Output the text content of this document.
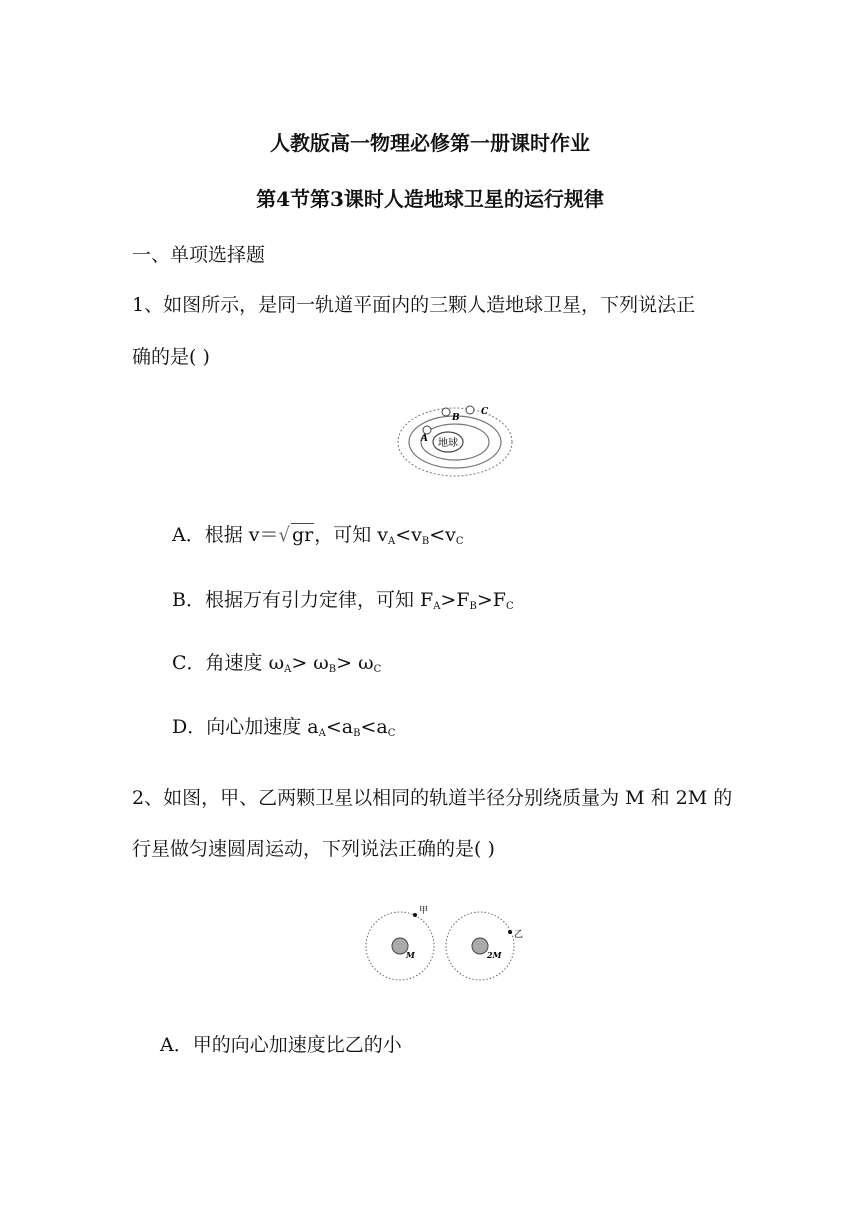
人教版高一物理必修第一册课时作业
第4节第3课时人造地球卫星的运行规律
一、单项选择题
1、如图所示，是同一轨道平面内的三颗人造地球卫星，下列说法正
确的是( )
地球
A
B
C
A．根据 v＝√ gr，可知 $v_A<v_B<v_C$
B．根据万有引力定律，可知 $F_A>F_B>F_C$
C．角速度 $\omega_A> \omega_B> \omega_C$
D．向心加速度 $a_A<a_B<a_C$
2、如图，甲、乙两颗卫星以相同的轨道半径分别绕质量为 M 和 2M 的
行星做匀速圆周运动，下列说法正确的是( )
M
甲
2M
乙
A．甲的向心加速度比乙的小
